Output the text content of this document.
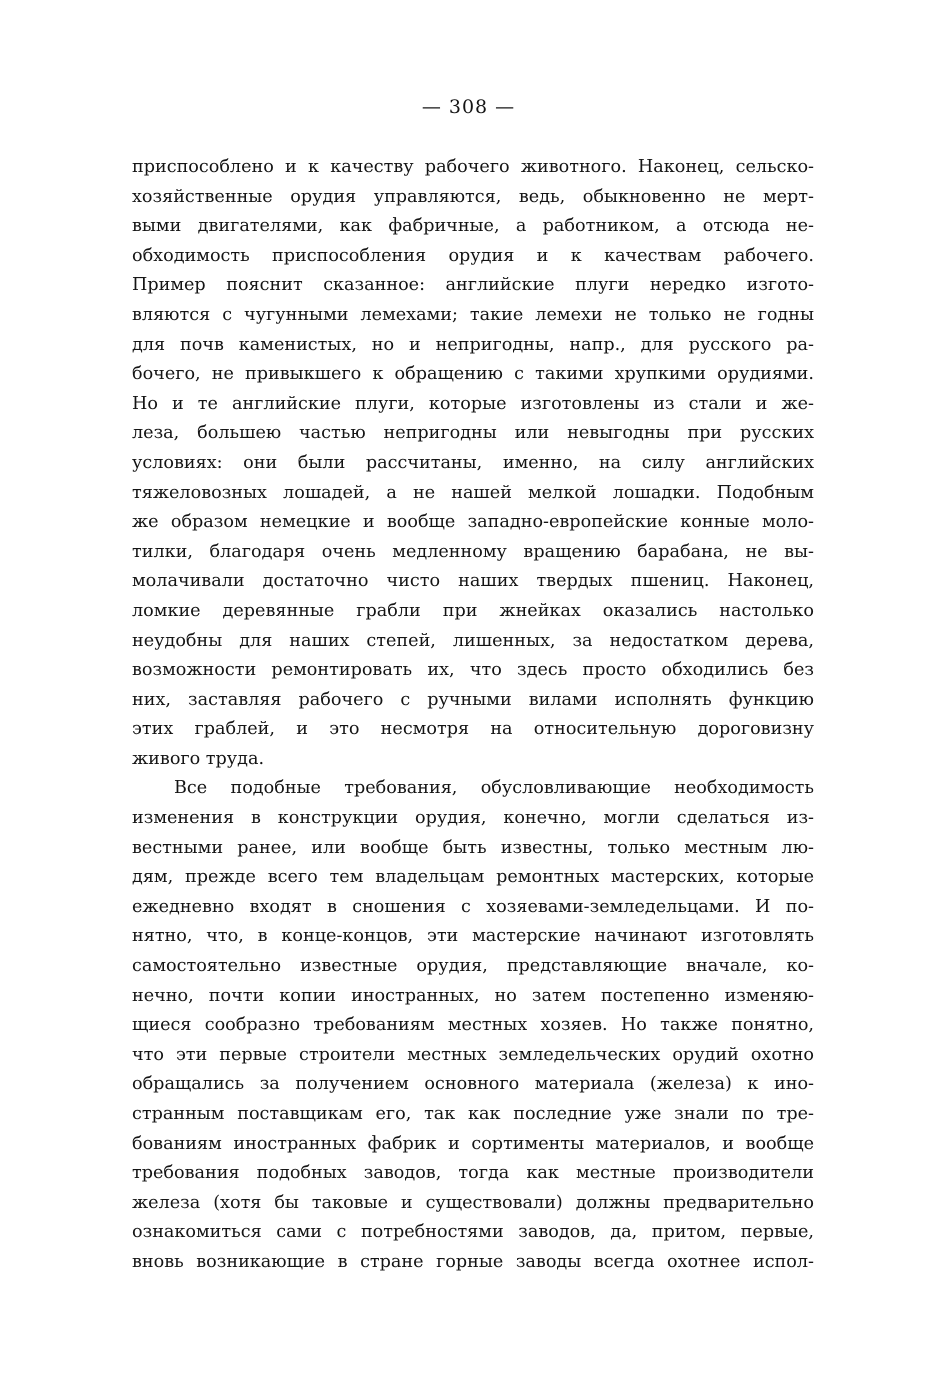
— 308 —
приспособлено и к качеству рабочего животного. Наконец, сельско-
хозяйственные орудия управляются, ведь, обыкновенно не мерт-
выми двигателями, как фабричные, а работником, а отсюда не-
обходимость приспособления орудия и к качествам рабочего.
Пример пояснит сказанное: английские плуги нередко изгото-
вляются с чугунными лемехами; такие лемехи не только не годны
для почв каменистых, но и непригодны, напр., для русского ра-
бочего, не привыкшего к обращению с такими хрупкими орудиями.
Но и те английские плуги, которые изготовлены из стали и же-
леза, большею частью непригодны или невыгодны при русских
условиях: они были рассчитаны, именно, на силу английских
тяжеловозных лошадей, а не нашей мелкой лошадки. Подобным
же образом немецкие и вообще западно-европейские конные моло-
тилки, благодаря очень медленному вращению барабана, не вы-
молачивали достаточно чисто наших твердых пшениц. Наконец,
ломкие деревянные грабли при жнейках оказались настолько
неудобны для наших степей, лишенных, за недостатком дерева,
возможности ремонтировать их, что здесь просто обходились без
них, заставляя рабочего с ручными вилами исполнять функцию
этих граблей, и это несмотря на относительную дороговизну
живого труда.
Все подобные требования, обусловливающие необходимость
изменения в конструкции орудия, конечно, могли сделаться из-
вестными ранее, или вообще быть известны, только местным лю-
дям, прежде всего тем владельцам ремонтных мастерских, которые
ежедневно входят в сношения с хозяевами-земледельцами. И по-
нятно, что, в конце-концов, эти мастерские начинают изготовлять
самостоятельно известные орудия, представляющие вначале, ко-
нечно, почти копии иностранных, но затем постепенно изменяю-
щиеся сообразно требованиям местных хозяев. Но также понятно,
что эти первые строители местных земледельческих орудий охотно
обращались за получением основного материала (железа) к ино-
странным поставщикам его, так как последние уже знали по тре-
бованиям иностранных фабрик и сортименты материалов, и вообще
требования подобных заводов, тогда как местные производители
железа (хотя бы таковые и существовали) должны предварительно
ознакомиться сами с потребностями заводов, да, притом, первые,
вновь возникающие в стране горные заводы всегда охотнее испол-
